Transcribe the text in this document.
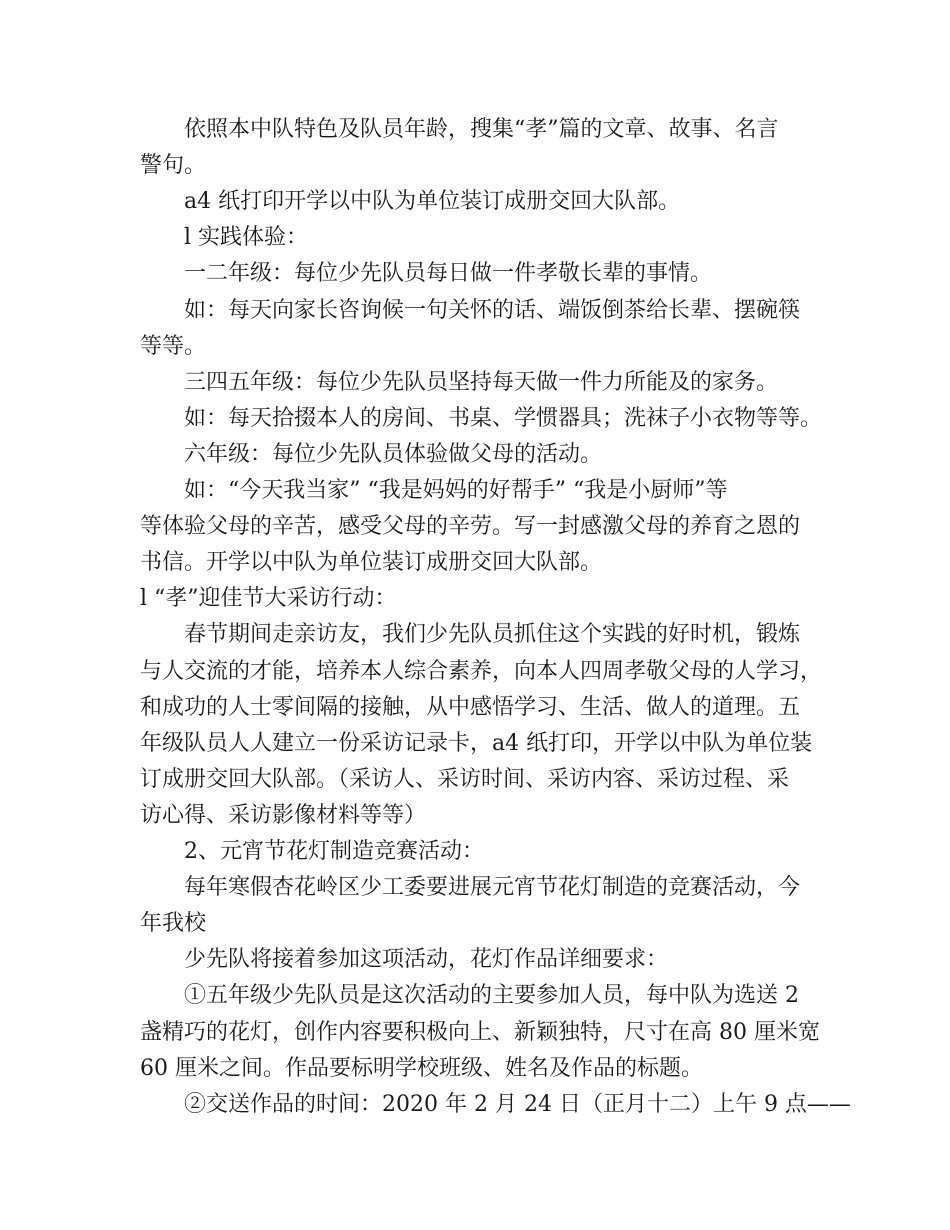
依照本中队特色及队员年龄，搜集“孝”篇的文章、故事、名言
警句。
a4 纸打印开学以中队为单位装订成册交回大队部。
l 实践体验：
一二年级：每位少先队员每日做一件孝敬长辈的事情。
如：每天向家长咨询候一句关怀的话、端饭倒茶给长辈、摆碗筷
等等。
三四五年级：每位少先队员坚持每天做一件力所能及的家务。
如：每天拾掇本人的房间、书桌、学惯器具；洗袜子小衣物等等。
六年级：每位少先队员体验做父母的活动。
如：“今天我当家” “我是妈妈的好帮手” “我是小厨师”等
等体验父母的辛苦，感受父母的辛劳。写一封感激父母的养育之恩的
书信。开学以中队为单位装订成册交回大队部。
l “孝”迎佳节大采访行动：
春节期间走亲访友，我们少先队员抓住这个实践的好时机，锻炼
与人交流的才能，培养本人综合素养，向本人四周孝敬父母的人学习，
和成功的人士零间隔的接触，从中感悟学习、生活、做人的道理。五
年级队员人人建立一份采访记录卡，a4 纸打印，开学以中队为单位装
订成册交回大队部。（采访人、采访时间、采访内容、采访过程、采
访心得、采访影像材料等等）
2、元宵节花灯制造竞赛活动：
每年寒假杏花岭区少工委要进展元宵节花灯制造的竞赛活动，今
年我校
少先队将接着参加这项活动，花灯作品详细要求：
①五年级少先队员是这次活动的主要参加人员，每中队为选送 2
盏精巧的花灯，创作内容要积极向上、新颖独特，尺寸在高 80 厘米宽
60 厘米之间。作品要标明学校班级、姓名及作品的标题。
②交送作品的时间：2020 年 2 月 24 日（正月十二）上午 9 点——
